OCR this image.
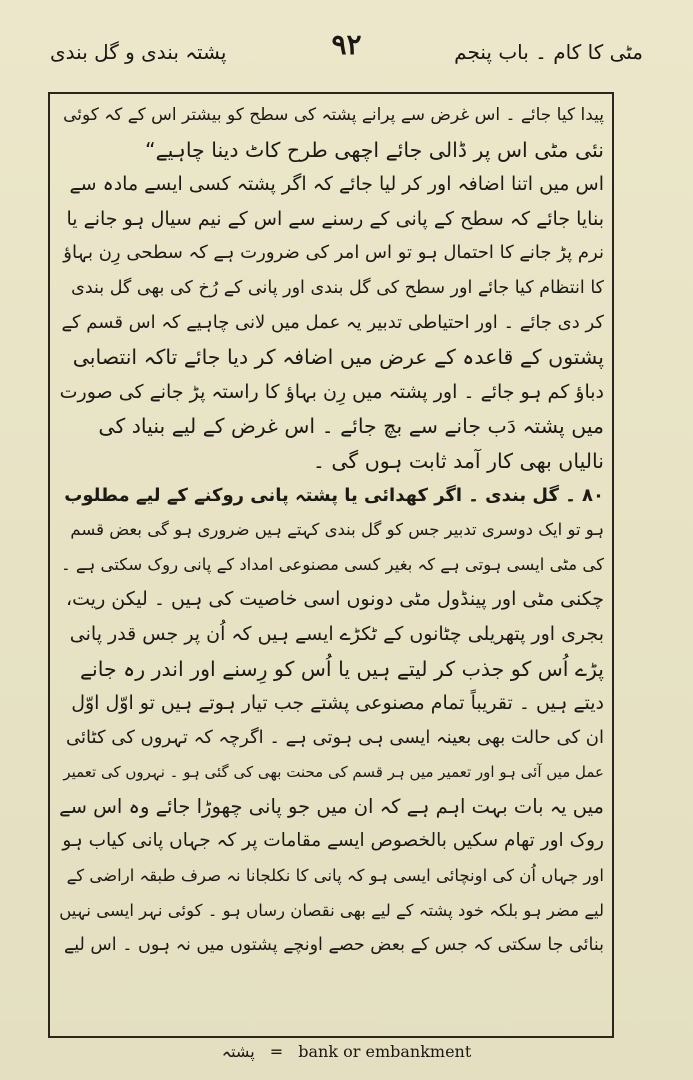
مٹی کا کام ۔ باب پنجم
۹۲
پشتہ بندی و گل بندی
پیدا کیا جائے ۔ اس غرض سے پرانے پشتہ کی سطح کو بیشتر اس کے کہ کوئی
نئی مٹی اس پر ڈالی جائے اچھی طرح کاٹ دینا چاہیے“
اس میں اتنا اضافہ اور کر لیا جائے کہ اگر پشتہ کسی ایسے مادہ سے
بنایا جائے کہ سطح کے پانی کے رسنے سے اس کے نیم سیال ہو جانے یا
نرم پڑ جانے کا احتمال ہو تو اس امر کی ضرورت ہے کہ سطحی رِن بہاؤ
کا انتظام کیا جائے اور سطح کی گل بندی اور پانی کے رُخ کی بھی گل بندی
کر دی جائے ۔ اور احتیاطی تدبیر یہ عمل میں لانی چاہیے کہ اس قسم کے
پشتوں کے قاعدہ کے عرض میں اضافہ کر دیا جائے تاکہ انتصابی
دباؤ کم ہو جائے ۔ اور پشتہ میں رِن بہاؤ کا راستہ پڑ جانے کی صورت
میں پشتہ دَب جانے سے بچ جائے ۔ اس غرض کے لیے بنیاد کی
نالیاں بھی کار آمد ثابت ہوں گی ۔
۸۰ ۔ گل بندی ۔ اگر کھدائی یا پشتہ پانی روکنے کے لیے مطلوب
ہو تو ایک دوسری تدبیر جس کو گل بندی کہتے ہیں ضروری ہو گی بعض قسم
کی مٹی ایسی ہوتی ہے کہ بغیر کسی مصنوعی امداد کے پانی روک سکتی ہے ۔
چکنی مٹی اور پینڈول مٹی دونوں اسی خاصیت کی ہیں ۔ لیکن ریت،
بجری اور پتھریلی چٹانوں کے ٹکڑے ایسے ہیں کہ اُن پر جس قدر پانی
پڑے اُس کو جذب کر لیتے ہیں یا اُس کو رِسنے اور اندر رہ جانے
دیتے ہیں ۔ تقریباً تمام مصنوعی پشتے جب تیار ہوتے ہیں تو اوّل اوّل
ان کی حالت بھی بعینہ ایسی ہی ہوتی ہے ۔ اگرچہ کہ تہروں کی کٹائی
عمل میں آئی ہو اور تعمیر میں ہر قسم کی محنت بھی کی گئی ہو ۔ نہروں کی تعمیر
میں یہ بات بہت اہم ہے کہ ان میں جو پانی چھوڑا جائے وہ اس سے
روک اور تھام سکیں بالخصوص ایسے مقامات پر کہ جہاں پانی کیاب ہو
اور جہاں اُن کی اونچائی ایسی ہو کہ پانی کا نکلجانا نہ صرف طبقہ اراضی کے
لیے مضر ہو بلکہ خود پشتہ کے لیے بھی نقصان رساں ہو ۔ کوئی نہر ایسی نہیں
بنائی جا سکتی کہ جس کے بعض حصے اونچے پشتوں میں نہ ہوں ۔ اس لیے
پشتہ = bank or embankment
